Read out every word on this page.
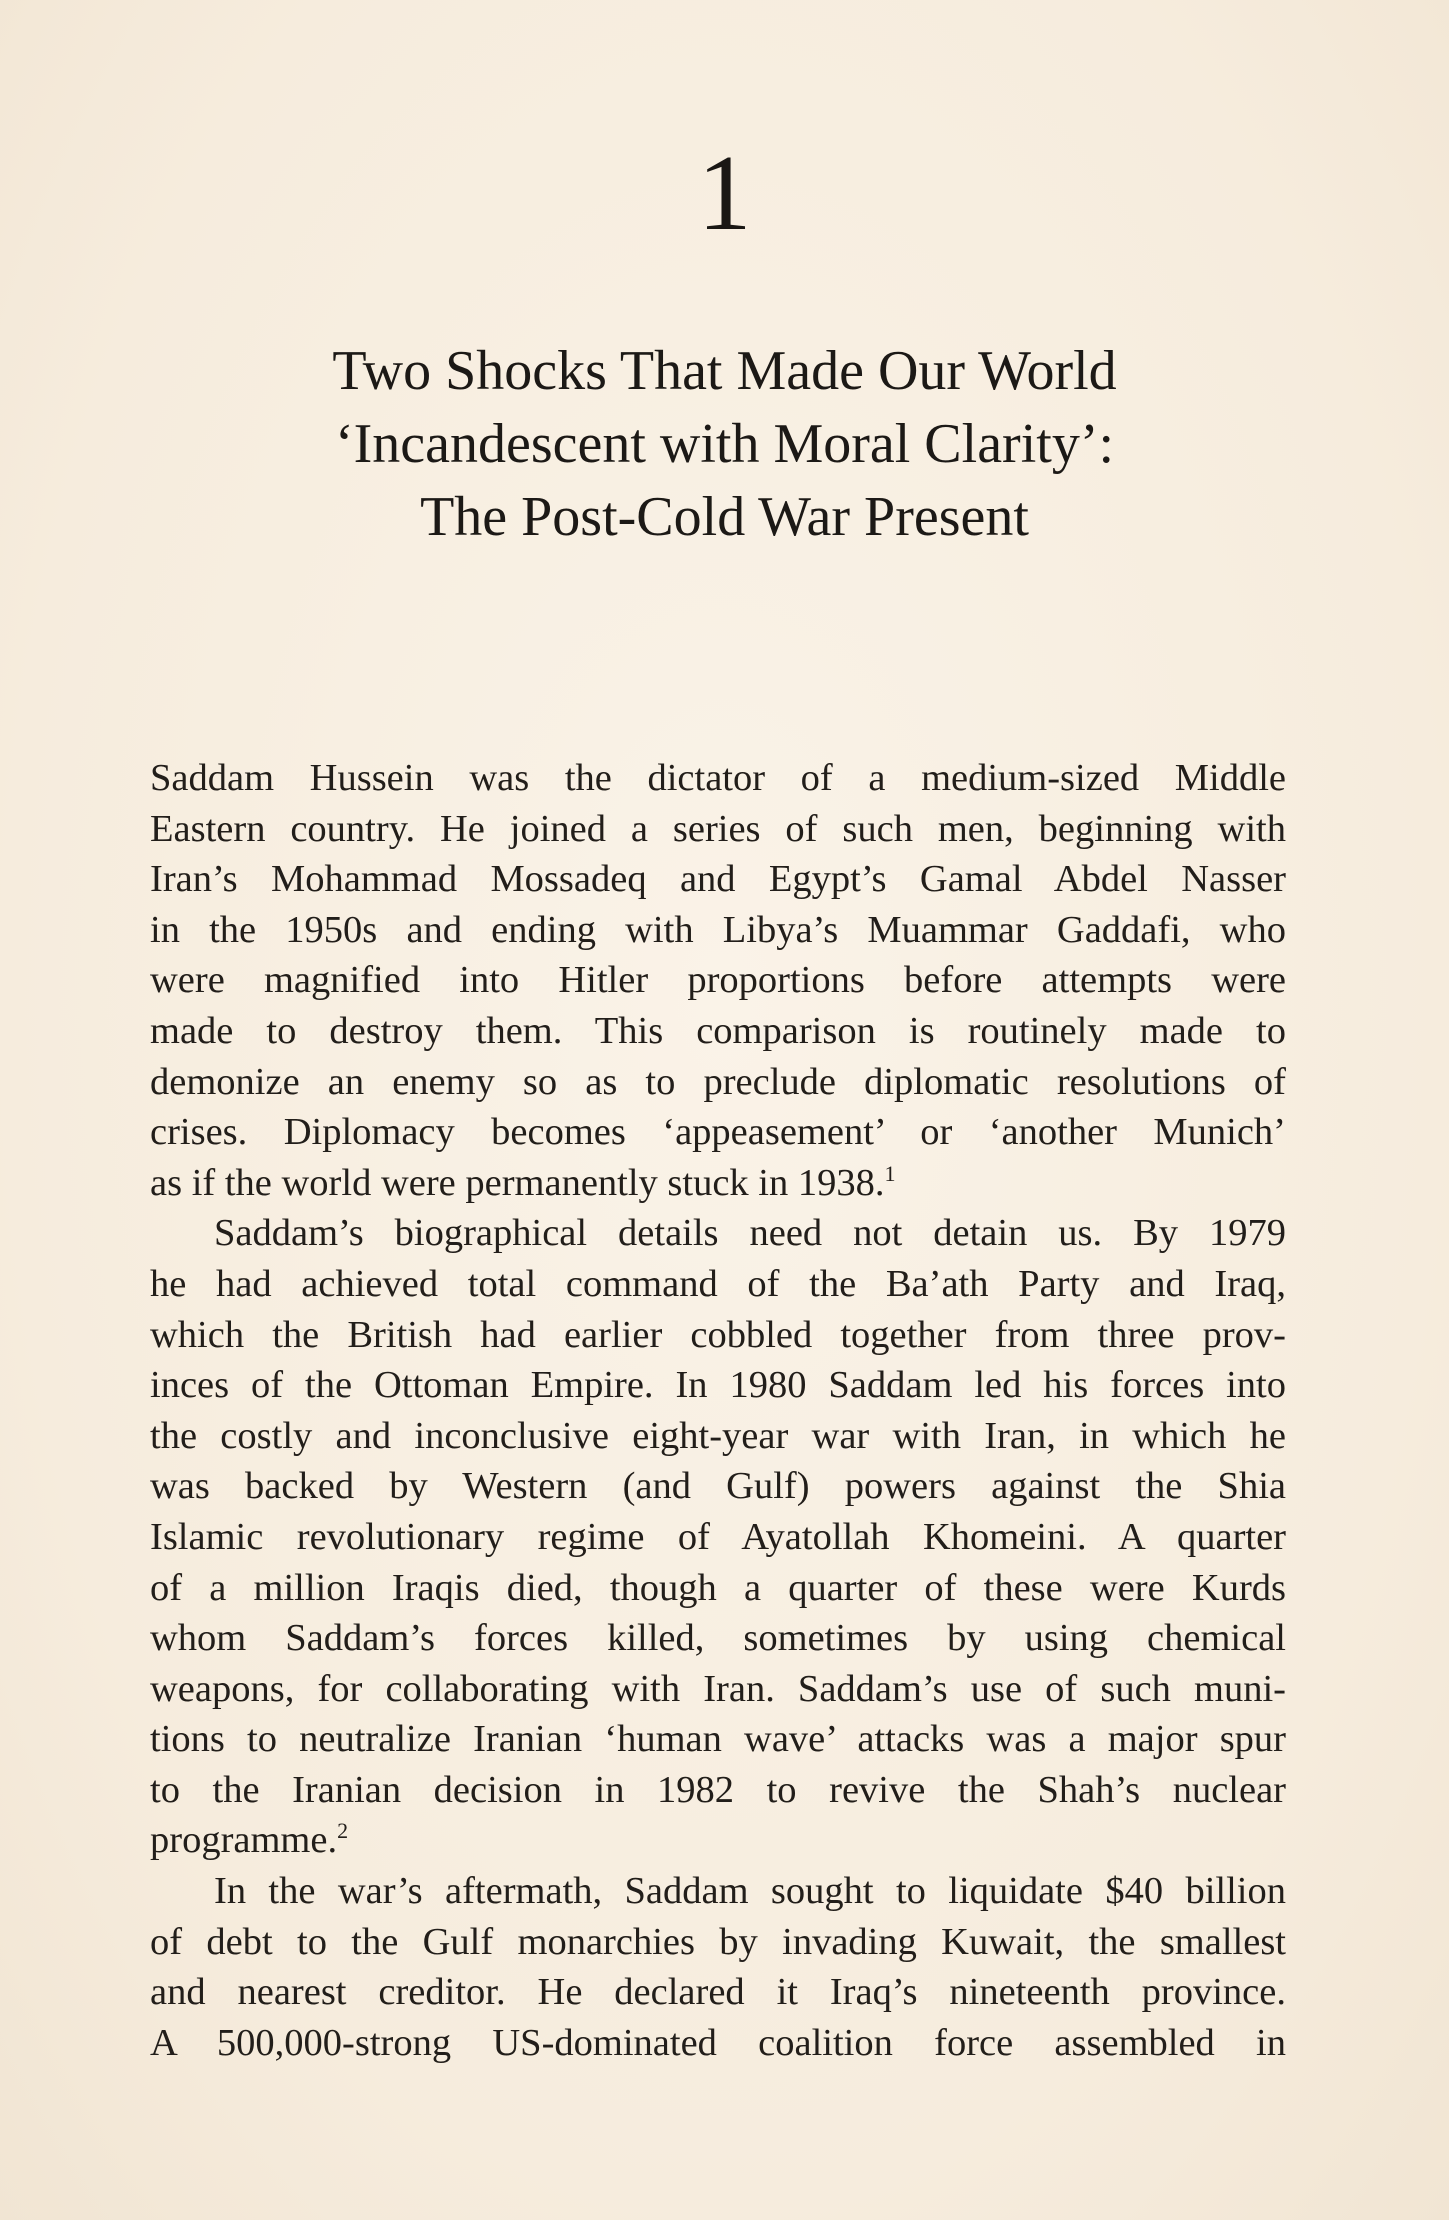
1
Two Shocks That Made Our World
‘Incandescent with Moral Clarity’:
The Post-Cold War Present
Saddam Hussein was the dictator of a medium-sized Middle
Eastern country. He joined a series of such men, beginning with
Iran’s Mohammad Mossadeq and Egypt’s Gamal Abdel Nasser
in the 1950s and ending with Libya’s Muammar Gaddafi, who
were magnified into Hitler proportions before attempts were
made to destroy them. This comparison is routinely made to
demonize an enemy so as to preclude diplomatic resolutions of
crises. Diplomacy becomes ‘appeasement’ or ‘another Munich’
as if the world were permanently stuck in 1938.$^1$
Saddam’s biographical details need not detain us. By 1979
he had achieved total command of the Ba’ath Party and Iraq,
which the British had earlier cobbled together from three prov-
inces of the Ottoman Empire. In 1980 Saddam led his forces into
the costly and inconclusive eight-year war with Iran, in which he
was backed by Western (and Gulf) powers against the Shia
Islamic revolutionary regime of Ayatollah Khomeini. A quarter
of a million Iraqis died, though a quarter of these were Kurds
whom Saddam’s forces killed, sometimes by using chemical
weapons, for collaborating with Iran. Saddam’s use of such muni-
tions to neutralize Iranian ‘human wave’ attacks was a major spur
to the Iranian decision in 1982 to revive the Shah’s nuclear
programme.$^2$
In the war’s aftermath, Saddam sought to liquidate $40 billion
of debt to the Gulf monarchies by invading Kuwait, the smallest
and nearest creditor. He declared it Iraq’s nineteenth province.
A 500,000-strong US-dominated coalition force assembled in
